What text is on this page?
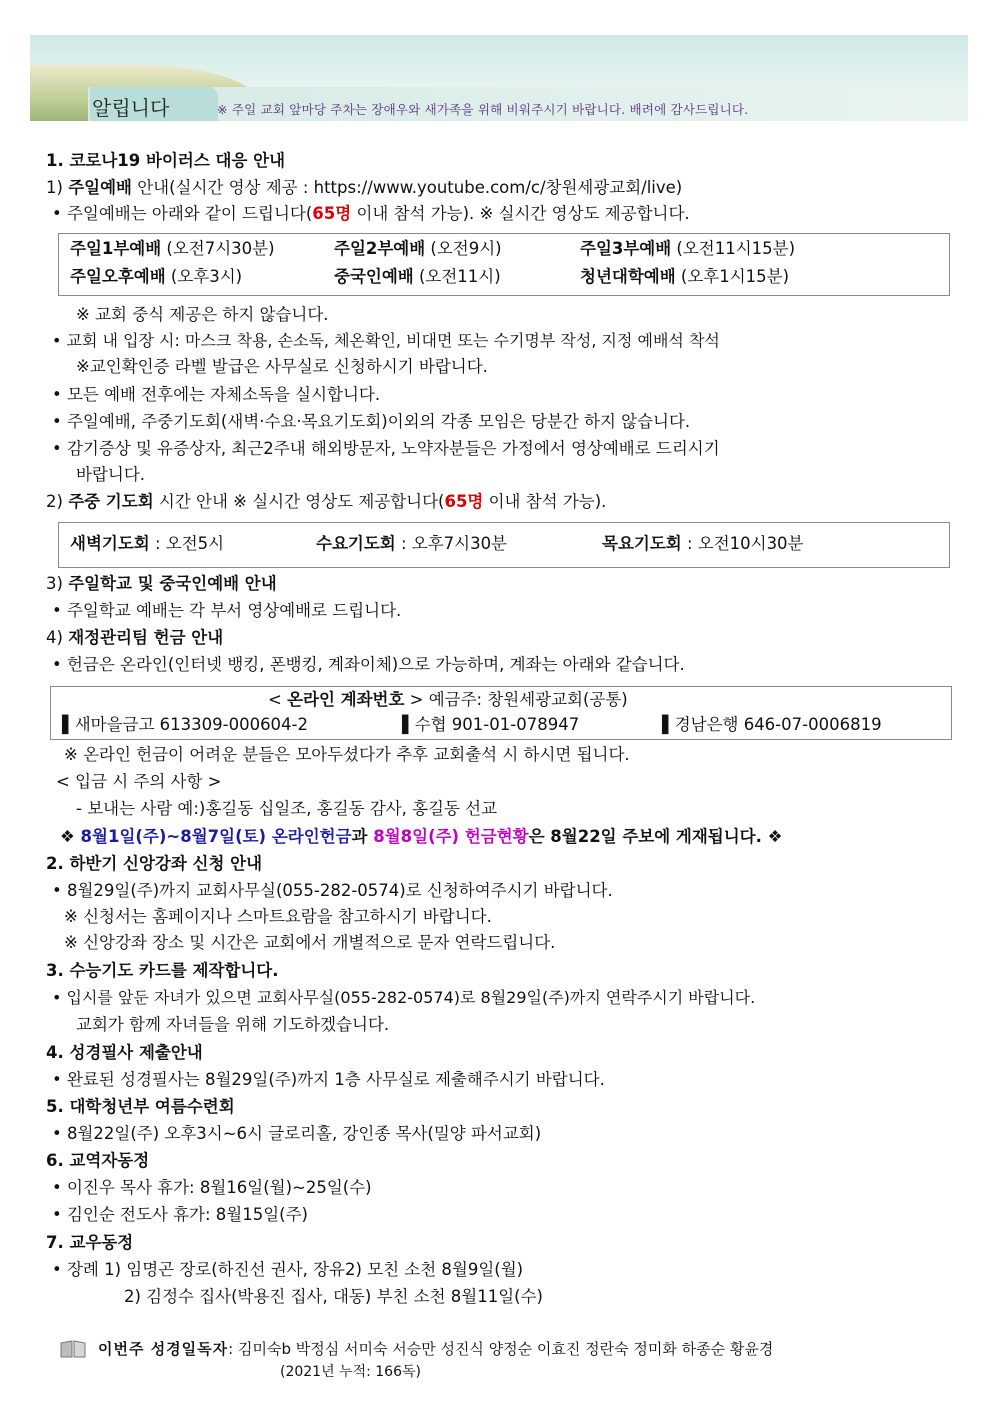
알립니다	※ 주일 교회 앞마당 주차는 장애우와 새가족을 위해 비워주시기 바랍니다. 배려에 감사드립니다.
1. 코로나19 바이러스 대응 안내
1) 주일예배 안내(실시간 영상 제공 : https://www.youtube.com/c/창원세광교회/live)
• 주일예배는 아래와 같이 드립니다(65명 이내 참석 가능). ※ 실시간 영상도 제공합니다.
주일1부예배 (오전7시30분)	주일2부예배 (오전9시)	주일3부예배 (오전11시15분)
주일오후예배 (오후3시)	중국인예배 (오전11시)	청년대학예배 (오후1시15분)
※ 교회 중식 제공은 하지 않습니다.
• 교회 내 입장 시: 마스크 착용, 손소독, 체온확인, 비대면 또는 수기명부 작성, 지정 예배석 착석
※교인확인증 라벨 발급은 사무실로 신청하시기 바랍니다.
• 모든 예배 전후에는 자체소독을 실시합니다.
• 주일예배, 주중기도회(새벽·수요·목요기도회)이외의 각종 모임은 당분간 하지 않습니다.
• 감기증상 및 유증상자, 최근2주내 해외방문자, 노약자분들은 가정에서 영상예배로 드리시기
바랍니다.
2) 주중 기도회 시간 안내 ※ 실시간 영상도 제공합니다(65명 이내 참석 가능).
새벽기도회 : 오전5시	수요기도회 : 오후7시30분	목요기도회 : 오전10시30분
3) 주일학교 및 중국인예배 안내
• 주일학교 예배는 각 부서 영상예배로 드립니다.
4) 재정관리팀 헌금 안내
• 헌금은 온라인(인터넷 뱅킹, 폰뱅킹, 계좌이체)으로 가능하며, 계좌는 아래와 같습니다.
< 온라인 계좌번호 > 예금주: 창원세광교회(공통)
▌새마을금고 613309-000604-2	▌수협 901-01-078947	▌경남은행 646-07-0006819
※ 온라인 헌금이 어려운 분들은 모아두셨다가 추후 교회출석 시 하시면 됩니다.
< 입금 시 주의 사항 >
- 보내는 사람 예:)홍길동 십일조, 홍길동 감사, 홍길동 선교
❖ 8월1일(주)~8월7일(토) 온라인헌금과 8월8일(주) 헌금현황은 8월22일 주보에 게재됩니다. ❖
2. 하반기 신앙강좌 신청 안내
• 8월29일(주)까지 교회사무실(055-282-0574)로 신청하여주시기 바랍니다.
※ 신청서는 홈페이지나 스마트요람을 참고하시기 바랍니다.
※ 신앙강좌 장소 및 시간은 교회에서 개별적으로 문자 연락드립니다.
3. 수능기도 카드를 제작합니다.
• 입시를 앞둔 자녀가 있으면 교회사무실(055-282-0574)로 8월29일(주)까지 연락주시기 바랍니다.
교회가 함께 자녀들을 위해 기도하겠습니다.
4. 성경필사 제출안내
• 완료된 성경필사는 8월29일(주)까지 1층 사무실로 제출해주시기 바랍니다.
5. 대학청년부 여름수련회
• 8월22일(주) 오후3시~6시 글로리홀, 강인종 목사(밀양 파서교회)
6. 교역자동정
• 이진우 목사 휴가: 8월16일(월)~25일(수)
• 김인순 전도사 휴가: 8월15일(주)
7. 교우동정
• 장례 1) 임명곤 장로(하진선 권사, 장유2) 모친 소천 8월9일(월)
2) 김정수 집사(박용진 집사, 대동) 부친 소천 8월11일(수)
이번주 성경일독자: 김미숙b 박정심 서미숙 서승만 성진식 양정순 이효진 정란숙 정미화 하종순 황윤경
(2021년 누적: 166독)
